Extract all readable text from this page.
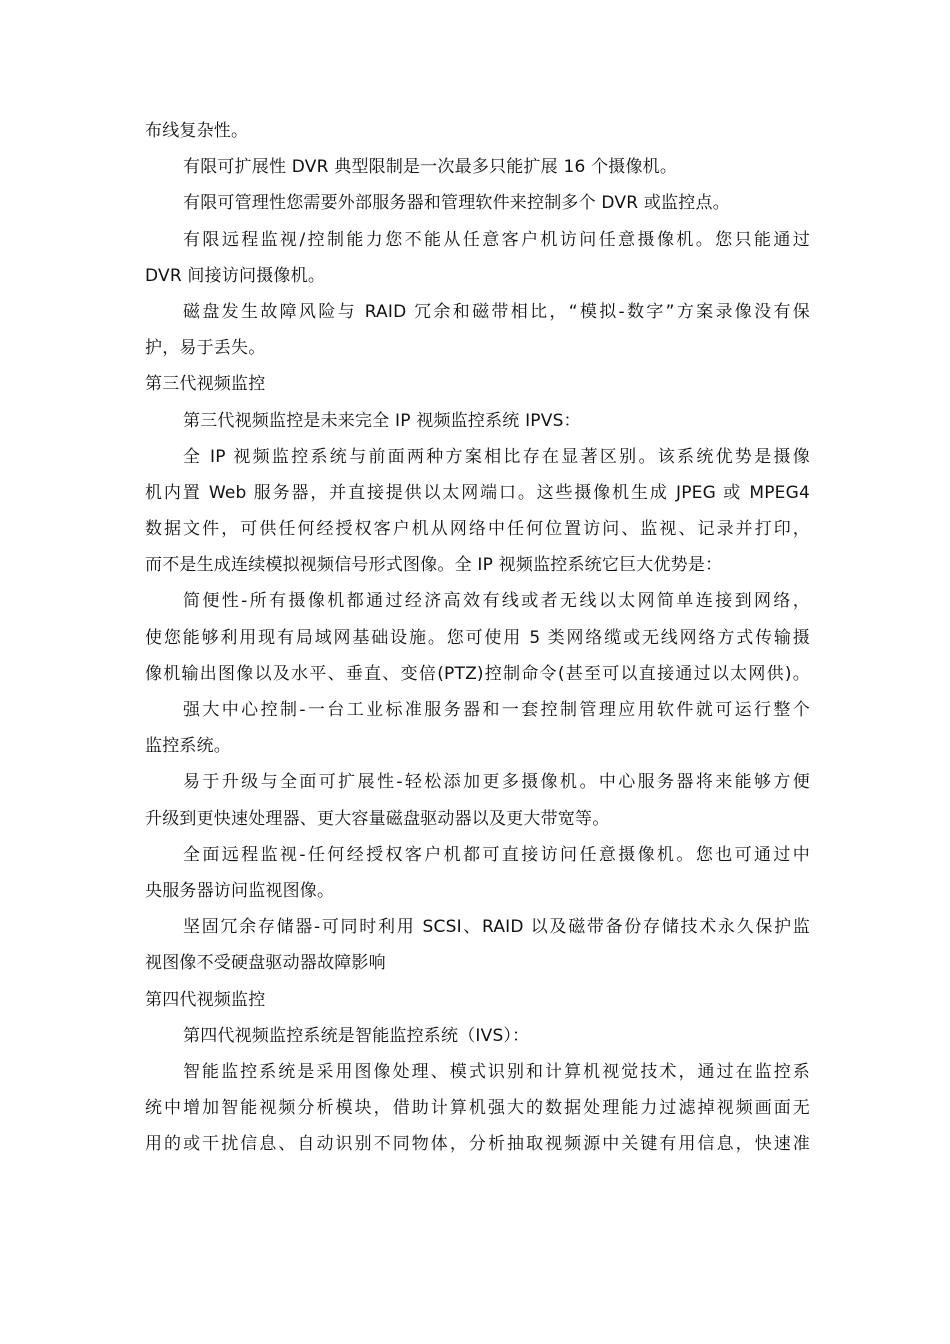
布线复杂性。
有限可扩展性 DVR 典型限制是一次最多只能扩展 16 个摄像机。
有限可管理性您需要外部服务器和管理软件来控制多个 DVR 或监控点。
有限远程监视/控制能力您不能从任意客户机访问任意摄像机。您只能通过
DVR 间接访问摄像机。
磁盘发生故障风险与 RAID 冗余和磁带相比，“模拟-数字”方案录像没有保
护，易于丢失。
第三代视频监控
第三代视频监控是未来完全 IP 视频监控系统 IPVS：
全 IP 视频监控系统与前面两种方案相比存在显著区别。该系统优势是摄像
机内置 Web 服务器，并直接提供以太网端口。这些摄像机生成 JPEG 或 MPEG4
数据文件，可供任何经授权客户机从网络中任何位置访问、监视、记录并打印，
而不是生成连续模拟视频信号形式图像。全 IP 视频监控系统它巨大优势是：
简便性-所有摄像机都通过经济高效有线或者无线以太网简单连接到网络，
使您能够利用现有局域网基础设施。您可使用 5 类网络缆或无线网络方式传输摄
像机输出图像以及水平、垂直、变倍(PTZ)控制命令(甚至可以直接通过以太网供)。
强大中心控制-一台工业标准服务器和一套控制管理应用软件就可运行整个
监控系统。
易于升级与全面可扩展性-轻松添加更多摄像机。中心服务器将来能够方便
升级到更快速处理器、更大容量磁盘驱动器以及更大带宽等。
全面远程监视-任何经授权客户机都可直接访问任意摄像机。您也可通过中
央服务器访问监视图像。
坚固冗余存储器-可同时利用 SCSI、RAID 以及磁带备份存储技术永久保护监
视图像不受硬盘驱动器故障影响
第四代视频监控
第四代视频监控系统是智能监控系统（IVS）：
智能监控系统是采用图像处理、模式识别和计算机视觉技术，通过在监控系
统中增加智能视频分析模块，借助计算机强大的数据处理能力过滤掉视频画面无
用的或干扰信息、自动识别不同物体，分析抽取视频源中关键有用信息，快速准
